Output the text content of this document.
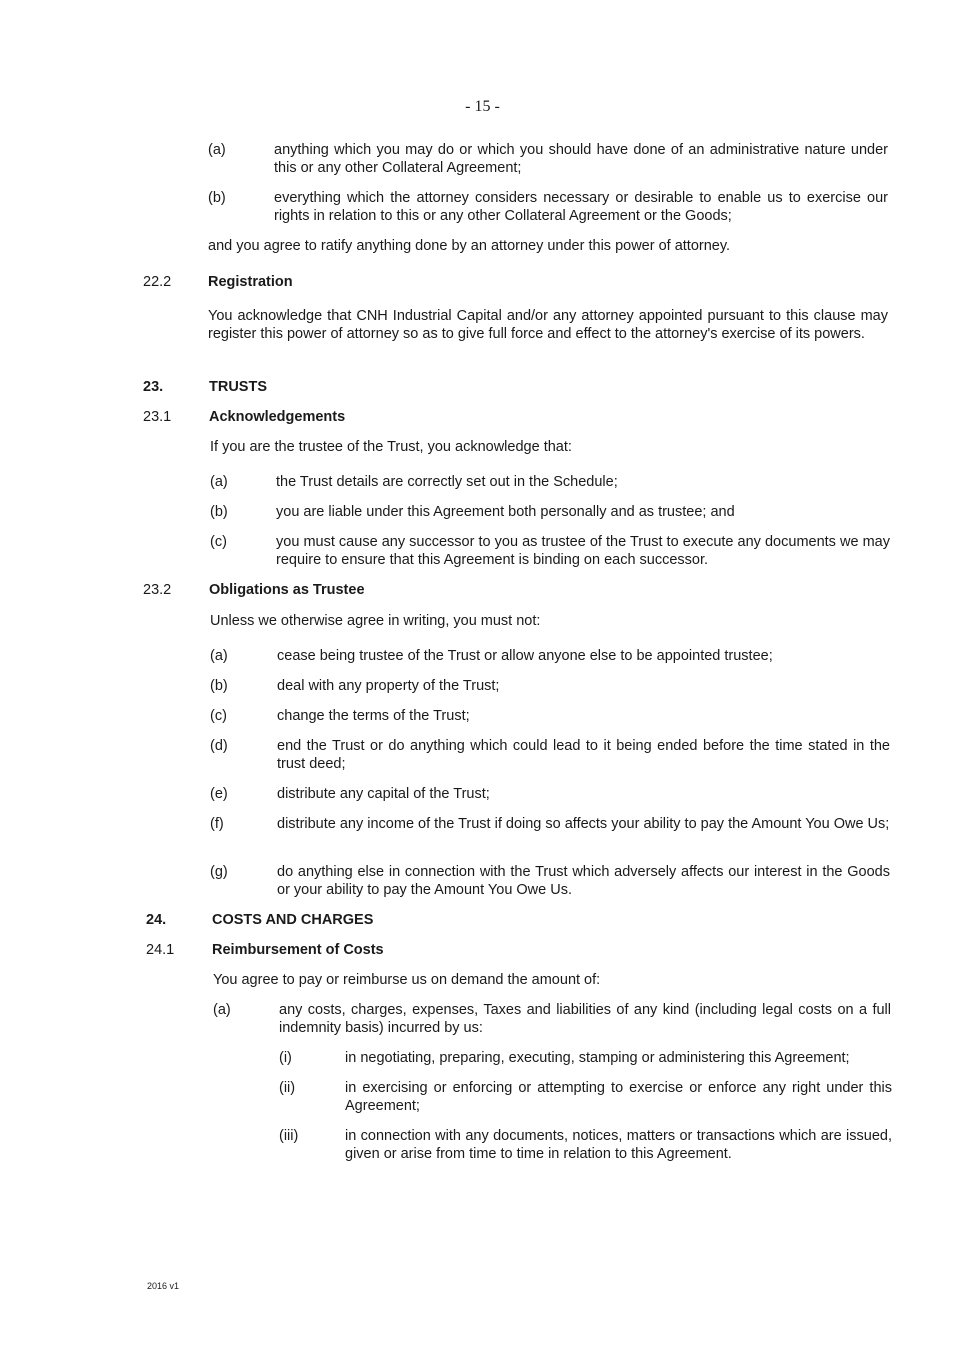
- 15 -
(a)	anything which you may do or which you should have done of an administrative nature under this or any other Collateral Agreement;
(b)	everything which the attorney considers necessary or desirable to enable us to exercise our rights in relation to this or any other Collateral Agreement or the Goods;
and you agree to ratify anything done by an attorney under this power of attorney.
22.2	Registration
You acknowledge that CNH Industrial Capital and/or any attorney appointed pursuant to this clause may register this power of attorney so as to give full force and effect to the attorney's exercise of its powers.
23.	TRUSTS
23.1	Acknowledgements
If you are the trustee of the Trust, you acknowledge that:
(a)	the Trust details are correctly set out in the Schedule;
(b)	you are liable under this Agreement both personally and as trustee; and
(c)	you must cause any successor to you as trustee of the Trust to execute any documents we may require to ensure that this Agreement is binding on each successor.
23.2	Obligations as Trustee
Unless we otherwise agree in writing, you must not:
(a)	cease being trustee of the Trust or allow anyone else to be appointed trustee;
(b)	deal with any property of the Trust;
(c)	change the terms of the Trust;
(d)	end the Trust or do anything which could lead to it being ended before the time stated in the trust deed;
(e)	distribute any capital of the Trust;
(f)	distribute any income of the Trust if doing so affects your ability to pay the Amount You Owe Us;
(g)	do anything else in connection with the Trust which adversely affects our interest in the Goods or your ability to pay the Amount You Owe Us.
24.	COSTS AND CHARGES
24.1	Reimbursement of Costs
You agree to pay or reimburse us on demand the amount of:
(a)	any costs, charges, expenses, Taxes and liabilities of any kind (including legal costs on a full indemnity basis) incurred by us:
(i)	in negotiating, preparing, executing, stamping or administering this Agreement;
(ii)	in exercising or enforcing or attempting to exercise or enforce any right under this Agreement;
(iii)	in connection with any documents, notices, matters or transactions which are issued, given or arise from time to time in relation to this Agreement.
2016 v1
